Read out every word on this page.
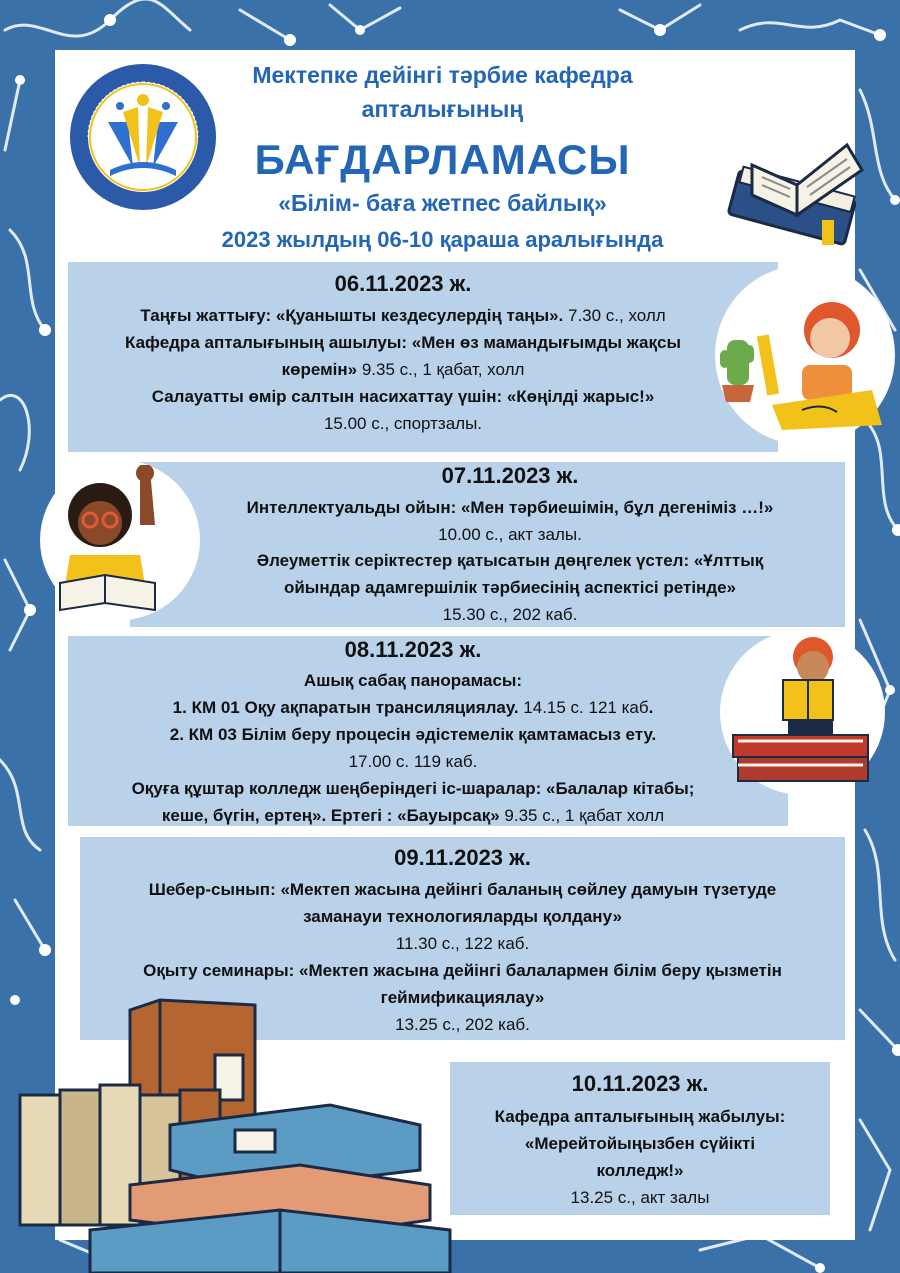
Мектепке дейінгі тәрбие кафедра
апталығының
БАҒДАРЛАМАСЫ
«Білім- баға жетпес байлық»
2023 жылдың 06-10 қараша аралығында
06.11.2023 ж.
Таңғы жаттығу: «Қуанышты кездесулердің таңы». 7.30 с., холл
Кафедра апталығының ашылуы: «Мен өз мамандығымды жақсы
көремін» 9.35 с., 1 қабат, холл
Салауатты өмір салтын насихаттау үшін: «Көңілді жарыс!»
15.00 с., спортзалы.
07.11.2023 ж.
Интеллектуальды ойын: «Мен тәрбиешімін, бұл дегеніміз …!»
10.00 с., акт залы.
Әлеуметтік серіктестер қатысатын дөңгелек үстел: «Ұлттық
ойындар адамгершілік тәрбиесінің аспектісі ретінде»
15.30 с., 202 каб.
08.11.2023 ж.
Ашық сабақ панорамасы:
1. КМ 01 Оқу ақпаратын трансиляциялау. 14.15 с. 121 каб.
2. КМ 03 Білім беру процесін әдістемелік қамтамасыз ету.
17.00 с. 119 каб.
Оқуға құштар колледж шеңберіндегі іс-шаралар: «Балалар кітабы;
кеше, бүгін, ертең». Ертегі : «Бауырсақ» 9.35 с., 1 қабат холл
09.11.2023 ж.
Шебер-сынып: «Мектеп жасына дейінгі баланың сөйлеу дамуын түзетуде
заманауи технологияларды қолдану»
11.30 с., 122 каб.
Оқыту семинары: «Мектеп жасына дейінгі балалармен білім беру қызметін
геймификациялау»
13.25 с., 202 каб.
10.11.2023 ж.
Кафедра апталығының жабылуы:
«Мерейтойыңызбен сүйікті
колледж!»
13.25 с., акт залы
